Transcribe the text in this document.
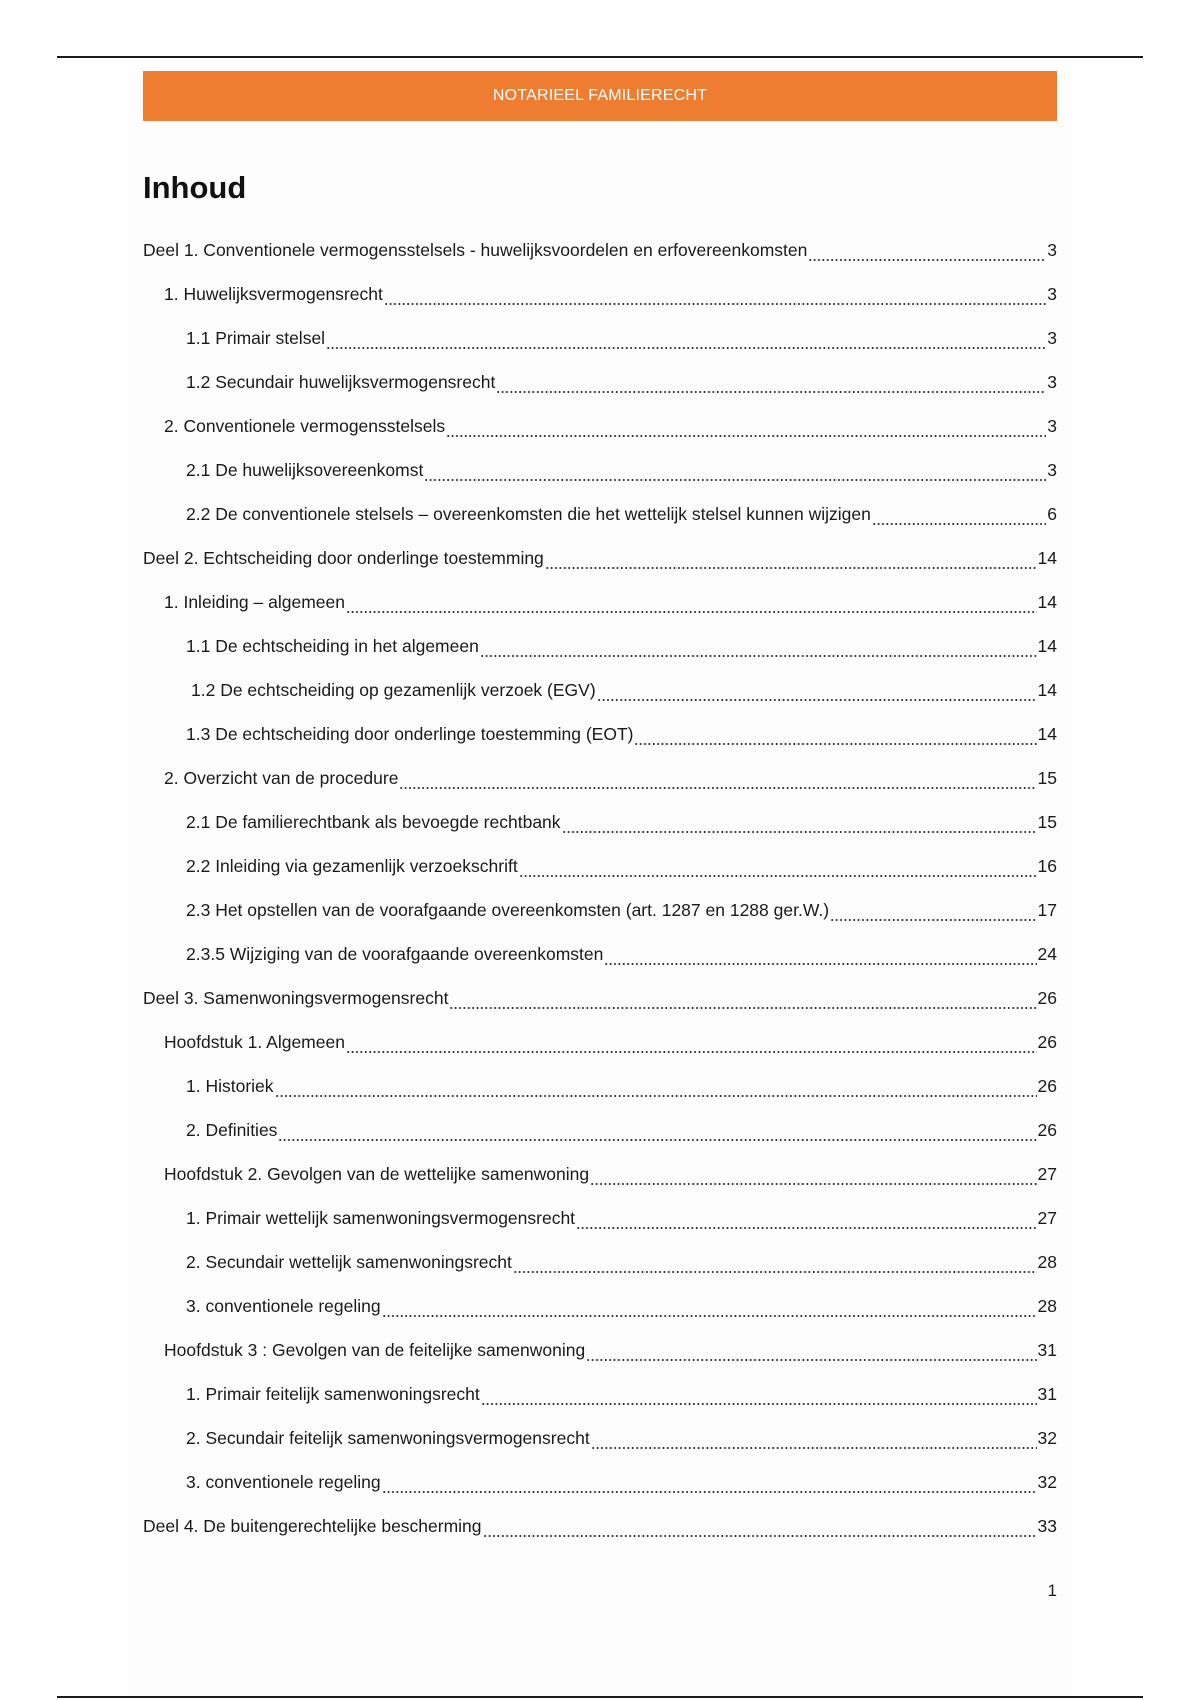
NOTARIEEL FAMILIERECHT
Inhoud
Deel 1. Conventionele vermogensstelsels - huwelijksvoordelen en erfovereenkomsten	3
1. Huwelijksvermogensrecht	3
1.1 Primair stelsel	3
1.2 Secundair huwelijksvermogensrecht	3
2. Conventionele vermogensstelsels	3
2.1 De huwelijksovereenkomst	3
2.2 De conventionele stelsels – overeenkomsten die het wettelijk stelsel kunnen wijzigen	6
Deel 2. Echtscheiding door onderlinge toestemming	14
1. Inleiding – algemeen	14
1.1 De echtscheiding in het algemeen	14
1.2 De echtscheiding op gezamenlijk verzoek (EGV)	14
1.3 De echtscheiding door onderlinge toestemming (EOT)	14
2. Overzicht van de procedure	15
2.1 De familierechtbank als bevoegde rechtbank	15
2.2 Inleiding via gezamenlijk verzoekschrift	16
2.3 Het opstellen van de voorafgaande overeenkomsten (art. 1287 en 1288 ger.W.)	17
2.3.5 Wijziging van de voorafgaande overeenkomsten	24
Deel 3. Samenwoningsvermogensrecht	26
Hoofdstuk 1. Algemeen	26
1. Historiek	26
2. Definities	26
Hoofdstuk 2. Gevolgen van de wettelijke samenwoning	27
1. Primair wettelijk samenwoningsvermogensrecht	27
2. Secundair wettelijk samenwoningsrecht	28
3. conventionele regeling	28
Hoofdstuk 3 : Gevolgen van de feitelijke samenwoning	31
1. Primair feitelijk samenwoningsrecht	31
2. Secundair feitelijk samenwoningsvermogensrecht	32
3. conventionele regeling	32
Deel 4. De buitengerechtelijke bescherming	33
1
